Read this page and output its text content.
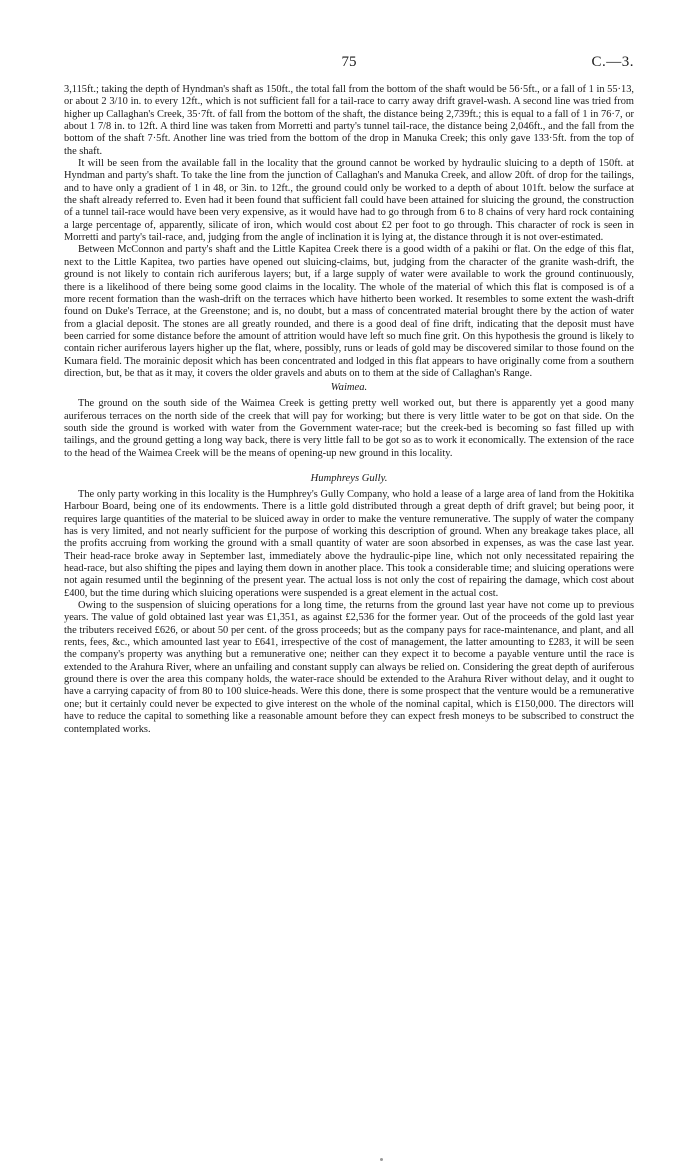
75	C.—3.

3,115ft.; taking the depth of Hyndman's shaft as 150ft., the total fall from the bottom of the shaft would be 56·5ft., or a fall of 1 in 55·13, or about 2 3/10 in. to every 12ft., which is not sufficient fall for a tail-race to carry away drift gravel-wash. A second line was tried from higher up Callaghan's Creek, 35·7ft. of fall from the bottom of the shaft, the distance being 2,739ft.; this is equal to a fall of 1 in 76·7, or about 1 7/8 in. to 12ft. A third line was taken from Morretti and party's tunnel tail-race, the distance being 2,046ft., and the fall from the bottom of the shaft 7·5ft. Another line was tried from the bottom of the drop in Manuka Creek; this only gave 133·5ft. from the top of the shaft.

It will be seen from the available fall in the locality that the ground cannot be worked by hydraulic sluicing to a depth of 150ft. at Hyndman and party's shaft. To take the line from the junction of Callaghan's and Manuka Creek, and allow 20ft. of drop for the tailings, and to have only a gradient of 1 in 48, or 3in. to 12ft., the ground could only be worked to a depth of about 101ft. below the surface at the shaft already referred to. Even had it been found that sufficient fall could have been attained for sluicing the ground, the construction of a tunnel tail-race would have been very expensive, as it would have had to go through from 6 to 8 chains of very hard rock containing a large percentage of, apparently, silicate of iron, which would cost about £2 per foot to go through. This character of rock is seen in Morretti and party's tail-race, and, judging from the angle of inclination it is lying at, the distance through it is not over-estimated.

Between McConnon and party's shaft and the Little Kapitea Creek there is a good width of a pakihi or flat. On the edge of this flat, next to the Little Kapitea, two parties have opened out sluicing-claims, but, judging from the character of the granite wash-drift, the ground is not likely to contain rich auriferous layers; but, if a large supply of water were available to work the ground continuously, there is a likelihood of there being some good claims in the locality. The whole of the material of which this flat is composed is of a more recent formation than the wash-drift on the terraces which have hitherto been worked. It resembles to some extent the wash-drift found on Duke's Terrace, at the Greenstone; and is, no doubt, but a mass of concentrated material brought there by the action of water from a glacial deposit. The stones are all greatly rounded, and there is a good deal of fine drift, indicating that the deposit must have been carried for some distance before the amount of attrition would have left so much fine grit. On this hypothesis the ground is likely to contain richer auriferous layers higher up the flat, where, possibly, runs or leads of gold may be discovered similar to those found on the Kumara field. The morainic deposit which has been concentrated and lodged in this flat appears to have originally come from a southern direction, but, be that as it may, it covers the older gravels and abuts on to them at the side of Callaghan's Range.

Waimea.

The ground on the south side of the Waimea Creek is getting pretty well worked out, but there is apparently yet a good many auriferous terraces on the north side of the creek that will pay for working; but there is very little water to be got on that side. On the south side the ground is worked with water from the Government water-race; but the creek-bed is becoming so fast filled up with tailings, and the ground getting a long way back, there is very little fall to be got so as to work it economically. The extension of the race to the head of the Waimea Creek will be the means of opening-up new ground in this locality.

Humphreys Gully.

The only party working in this locality is the Humphrey's Gully Company, who hold a lease of a large area of land from the Hokitika Harbour Board, being one of its endowments. There is a little gold distributed through a great depth of drift gravel; but being poor, it requires large quantities of the material to be sluiced away in order to make the venture remunerative. The supply of water the company has is very limited, and not nearly sufficient for the purpose of working this description of ground. When any breakage takes place, all the profits accruing from working the ground with a small quantity of water are soon absorbed in expenses, as was the case last year. Their head-race broke away in September last, immediately above the hydraulic-pipe line, which not only necessitated repairing the head-race, but also shifting the pipes and laying them down in another place. This took a considerable time; and sluicing operations were not again resumed until the beginning of the present year. The actual loss is not only the cost of repairing the damage, which cost about £400, but the time during which sluicing operations were suspended is a great element in the actual cost.

Owing to the suspension of sluicing operations for a long time, the returns from the ground last year have not come up to previous years. The value of gold obtained last year was £1,351, as against £2,536 for the former year. Out of the proceeds of the gold last year the tributers received £626, or about 50 per cent. of the gross proceeds; but as the company pays for race-maintenance, and plant, and all rents, fees, &c., which amounted last year to £641, irrespective of the cost of management, the latter amounting to £283, it will be seen the company's property was anything but a remunerative one; neither can they expect it to become a payable venture until the race is extended to the Arahura River, where an unfailing and constant supply can always be relied on. Considering the great depth of auriferous ground there is over the area this company holds, the water-race should be extended to the Arahura River without delay, and it ought to have a carrying capacity of from 80 to 100 sluice-heads. Were this done, there is some prospect that the venture would be a remunerative one; but it certainly could never be expected to give interest on the whole of the nominal capital, which is £150,000. The directors will have to reduce the capital to something like a reasonable amount before they can expect fresh moneys to be subscribed to construct the contemplated works.
